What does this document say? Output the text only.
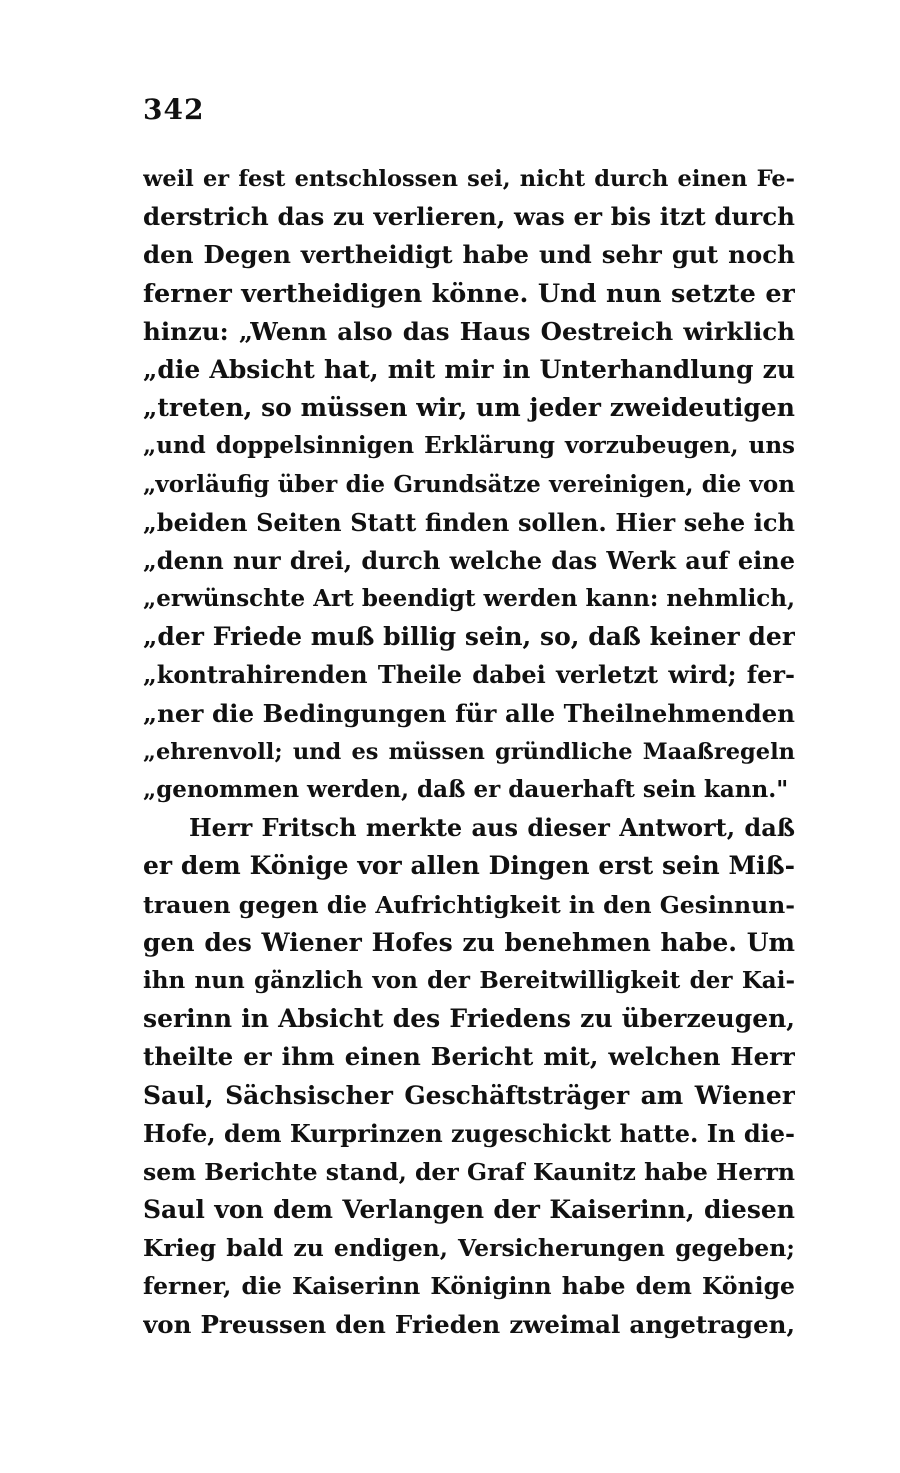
342
weil er fest entschlossen sei, nicht durch einen Fe-
derstrich das zu verlieren, was er bis itzt durch
den Degen vertheidigt habe und sehr gut noch
ferner vertheidigen könne. Und nun setzte er
hinzu: „Wenn also das Haus Oestreich wirklich
„die Absicht hat, mit mir in Unterhandlung zu
„treten, so müssen wir, um jeder zweideutigen
„und doppelsinnigen Erklärung vorzubeugen, uns
„vorläufig über die Grundsätze vereinigen, die von
„beiden Seiten Statt finden sollen. Hier sehe ich
„denn nur drei, durch welche das Werk auf eine
„erwünschte Art beendigt werden kann: nehmlich,
„der Friede muß billig sein, so, daß keiner der
„kontrahirenden Theile dabei verletzt wird; fer-
„ner die Bedingungen für alle Theilnehmenden
„ehrenvoll; und es müssen gründliche Maaßregeln
„genommen werden, daß er dauerhaft sein kann."
Herr Fritsch merkte aus dieser Antwort, daß
er dem Könige vor allen Dingen erst sein Miß-
trauen gegen die Aufrichtigkeit in den Gesinnun-
gen des Wiener Hofes zu benehmen habe. Um
ihn nun gänzlich von der Bereitwilligkeit der Kai-
serinn in Absicht des Friedens zu überzeugen,
theilte er ihm einen Bericht mit, welchen Herr
Saul, Sächsischer Geschäftsträger am Wiener
Hofe, dem Kurprinzen zugeschickt hatte. In die-
sem Berichte stand, der Graf Kaunitz habe Herrn
Saul von dem Verlangen der Kaiserinn, diesen
Krieg bald zu endigen, Versicherungen gegeben;
ferner, die Kaiserinn Königinn habe dem Könige
von Preussen den Frieden zweimal angetragen,
